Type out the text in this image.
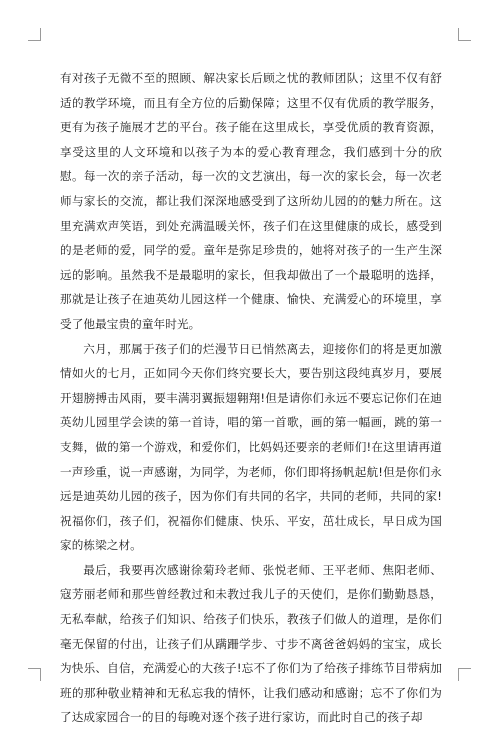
有对孩子无微不至的照顾、解决家长后顾之忧的教师团队；这里不仅有舒适的教学环境，而且有全方位的后勤保障；这里不仅有优质的教学服务，更有为孩子施展才艺的平台。孩子能在这里成长，享受优质的教育资源，享受这里的人文环境和以孩子为本的爱心教育理念，我们感到十分的欣慰。每一次的亲子活动，每一次的文艺演出，每一次的家长会，每一次老师与家长的交流，都让我们深深地感受到了这所幼儿园的的魅力所在。这里充满欢声笑语，到处充满温暖关怀，孩子们在这里健康的成长，感受到的是老师的爱，同学的爱。童年是弥足珍贵的，她将对孩子的一生产生深远的影响。虽然我不是最聪明的家长，但我却做出了一个最聪明的选择，那就是让孩子在迪英幼儿园这样一个健康、愉快、充满爱心的环境里，享受了他最宝贵的童年时光。

六月，那属于孩子们的烂漫节日已悄然离去，迎接你们的将是更加激情如火的七月，正如同今天你们终究要长大，要告别这段纯真岁月，要展开翅膀搏击风雨，要丰满羽翼振翅翱翔!但是请你们永远不要忘记你们在迪英幼儿园里学会读的第一首诗，唱的第一首歌，画的第一幅画，跳的第一支舞，做的第一个游戏，和爱你们，比妈妈还要亲的老师们!在这里请再道一声珍重，说一声感谢，为同学，为老师，你们即将扬帆起航!但是你们永远是迪英幼儿园的孩子，因为你们有共同的名字，共同的老师，共同的家!祝福你们，孩子们，祝福你们健康、快乐、平安，茁壮成长，早日成为国家的栋梁之材。

最后，我要再次感谢徐菊玲老师、张悦老师、王平老师、焦阳老师、寇芳丽老师和那些曾经教过和未教过我儿子的天使们，是你们勤勤恳恳，无私奉献，给孩子们知识、给孩子们快乐，教孩子们做人的道理，是你们毫无保留的付出，让孩子们从蹒跚学步、寸步不离爸爸妈妈的宝宝，成长为快乐、自信，充满爱心的大孩子!忘不了你们为了给孩子排练节目带病加班的那种敬业精神和无私忘我的情怀，让我们感动和感谢；忘不了你们为了达成家园合一的目的每晚对逐个孩子进行家访，而此时自己的孩子却
